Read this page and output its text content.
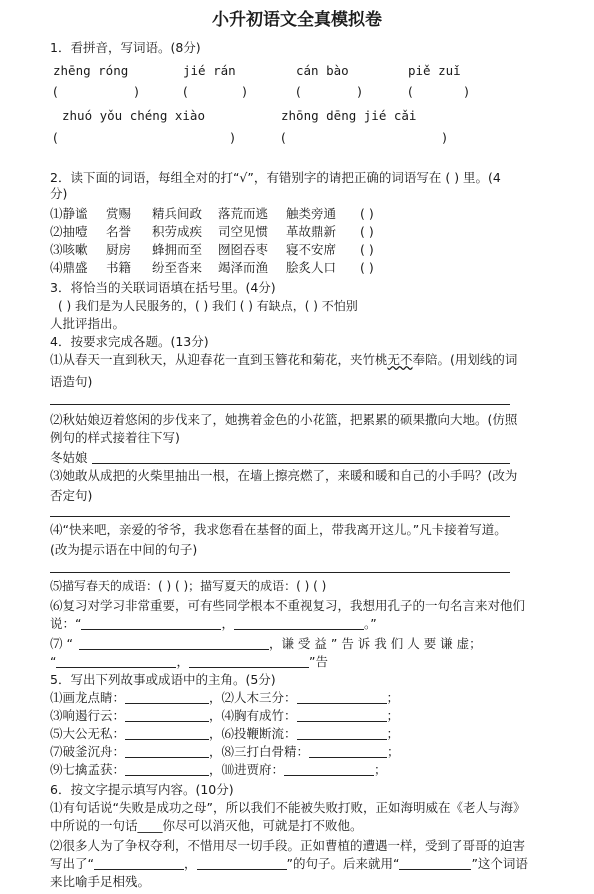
小升初语文全真模拟卷
1．看拼音，写词语。(8分)
zhēng róng	jié rán	cán bào	piě zuǐ
(	)	(	)	(	)	(	)
zhuó yǒu chéng xiào	zhōng dēng jié cǎi
(	)	(	)
2．读下面的词语，每组全对的打“√”，有错别字的请把正确的词语写在 ( ) 里。(4
分)
⑴静谧 赏赐 精兵间政 落荒而逃 触类旁通 ( )
⑵抽噎 名誉 积劳成疾 司空见惯 革故鼎新 ( )
⑶咳嗽 厨房 蜂拥而至 囫囵吞枣 寝不安席 ( )
⑷鼎盛 书籍 纷至沓来 竭泽而渔 脍炙人口 ( )
3．将恰当的关联词语填在括号里。(4分)
( ) 我们是为人民服务的，( ) 我们 ( ) 有缺点，( ) 不怕别
人批评指出。
4．按要求完成各题。(13分)
⑴从春天一直到秋天，从迎春花一直到玉簪花和菊花，夹竹桃无不奉陪。(用划线的词
语造句)
⑵秋姑娘迈着悠闲的步伐来了，她携着金色的小花篮，把累累的硕果撒向大地。(仿照
例句的样式接着往下写)
冬姑娘
⑶她敢从成把的火柴里抽出一根，在墙上擦亮燃了，来暖和暖和自己的小手吗？(改为
否定句)
⑷“快来吧，亲爱的爷爷，我求您看在基督的面上，带我离开这儿。”凡卡接着写道。
(改为提示语在中间的句子)
⑸描写春天的成语：( ) ( )；描写夏天的成语：( ) ( )
⑹复习对学习非常重要，可有些同学根本不重视复习，我想用孔子的一句名言来对他们
说：“	，	。”
⑺ “	，谦 受 益 ” 告 诉 我 们 人 要 谦 虚；
“	，	”告
5．写出下列故事或成语中的主角。(5分)
⑴画龙点睛：	，⑵人木三分：	；
⑶响遏行云：	，⑷胸有成竹：	；
⑸大公无私：	，⑹投鞭断流：	；
⑺破釜沉舟：	，⑻三打白骨精：	；
⑼七擒孟获：	，⑽进贾府：	；
6．按文字提示填写内容。(10分)
⑴有句话说“失败是成功之母”，所以我们不能被失败打败，正如海明威在《老人与海》
中所说的一句话____你尽可以消灭他，可就是打不败他。
⑵很多人为了争权夺利，不惜用尽一切手段。正如曹植的遭遇一样，受到了哥哥的迫害
写出了“	，	”的句子。后来就用“	”这个词语
来比喻手足相残。
